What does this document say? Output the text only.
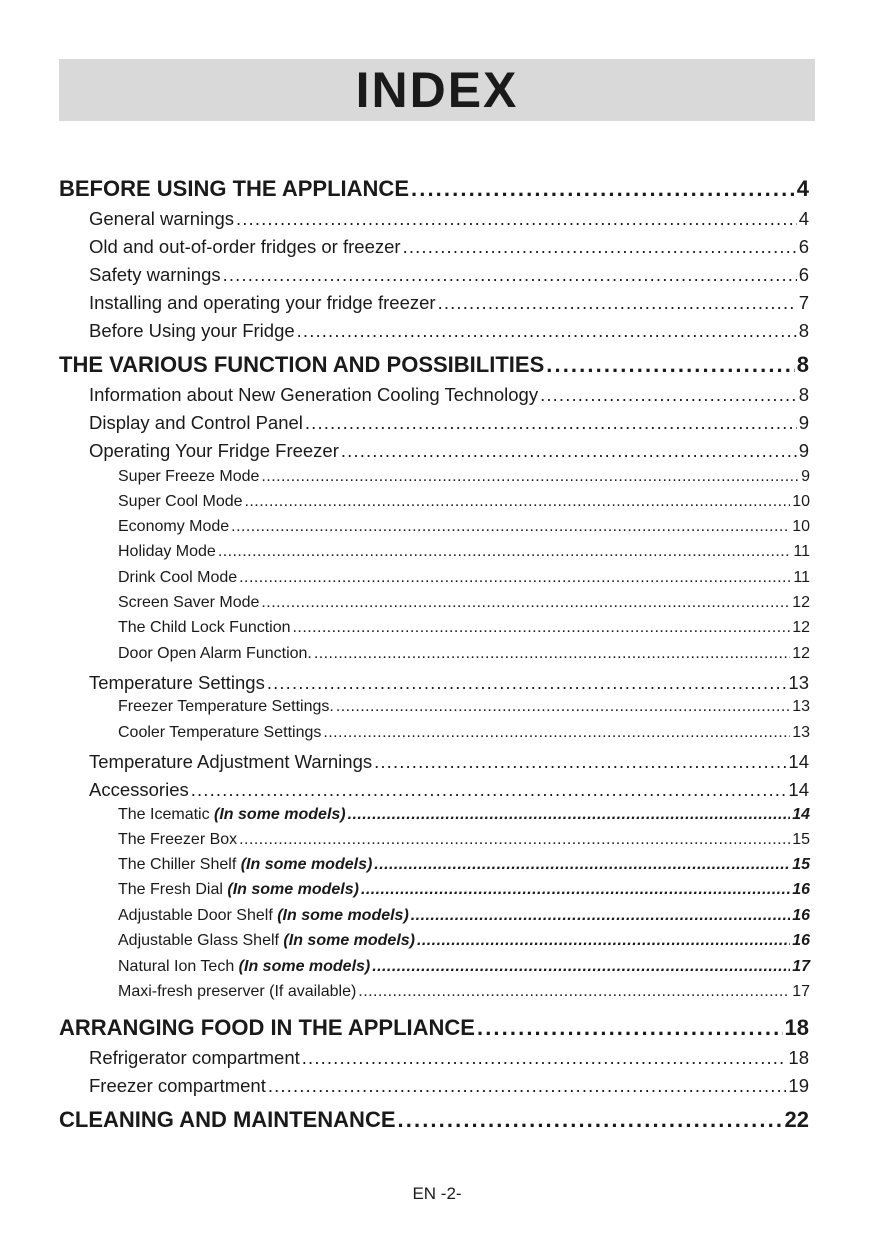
INDEX
BEFORE USING THE APPLIANCE . . .	4
General warnings . . .	4
Old and out-of-order fridges or freezer . . .	6
Safety warnings . . .	6
Installing and operating your fridge freezer . . .	7
Before Using your Fridge . . .	8
THE VARIOUS FUNCTION AND POSSIBILITIES . . .	8
Information about New Generation Cooling Technology . . .	8
Display and Control Panel . . .	9
Operating Your Fridge Freezer . . .	9
Super Freeze Mode . . .	9
Super Cool Mode . . .	10
Economy Mode . . .	10
Holiday Mode . . .	11
Drink Cool Mode . . .	11
Screen Saver Mode . . .	12
The Child Lock Function . . .	12
Door Open Alarm Function. . . .	12
Temperature Settings . . .	13
Freezer Temperature Settings. . . .	13
Cooler Temperature Settings . . .	13
Temperature Adjustment Warnings . . .	14
Accessories . . .	14
The Icematic (In some models) . . .	14
The Freezer Box . . .	15
The Chiller Shelf (In some models) . . .	15
The Fresh Dial (In some models) . . .	16
Adjustable Door Shelf (In some models) . . .	16
Adjustable Glass Shelf (In some models) . . .	16
Natural Ion Tech (In some models) . . .	17
Maxi-fresh preserver (If available) . . .	17
ARRANGING FOOD IN THE APPLIANCE . . .	18
Refrigerator compartment . . .	18
Freezer compartment . . .	19
CLEANING AND MAINTENANCE . . .	22
EN -2-
